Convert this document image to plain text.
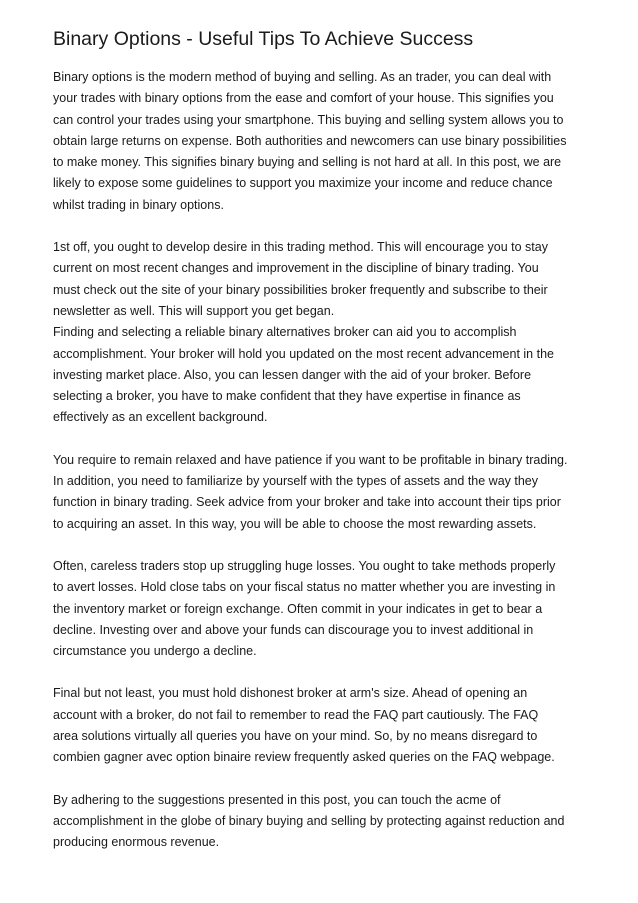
Binary Options - Useful Tips To Achieve Success

Binary options is the modern method of buying and selling. As an trader, you can deal with
your trades with binary options from the ease and comfort of your house. This signifies you
can control your trades using your smartphone. This buying and selling system allows you to
obtain large returns on expense. Both authorities and newcomers can use binary possibilities
to make money. This signifies binary buying and selling is not hard at all. In this post, we are
likely to expose some guidelines to support you maximize your income and reduce chance
whilst trading in binary options.

1st off, you ought to develop desire in this trading method. This will encourage you to stay
current on most recent changes and improvement in the discipline of binary trading. You
must check out the site of your binary possibilities broker frequently and subscribe to their
newsletter as well. This will support you get began.

Finding and selecting a reliable binary alternatives broker can aid you to accomplish
accomplishment. Your broker will hold you updated on the most recent advancement in the
investing market place. Also, you can lessen danger with the aid of your broker. Before
selecting a broker, you have to make confident that they have expertise in finance as
effectively as an excellent background.

You require to remain relaxed and have patience if you want to be profitable in binary trading.
In addition, you need to familiarize by yourself with the types of assets and the way they
function in binary trading. Seek advice from your broker and take into account their tips prior
to acquiring an asset. In this way, you will be able to choose the most rewarding assets.

Often, careless traders stop up struggling huge losses. You ought to take methods properly
to avert losses. Hold close tabs on your fiscal status no matter whether you are investing in
the inventory market or foreign exchange. Often commit in your indicates in get to bear a
decline. Investing over and above your funds can discourage you to invest additional in
circumstance you undergo a decline.

Final but not least, you must hold dishonest broker at arm's size. Ahead of opening an
account with a broker, do not fail to remember to read the FAQ part cautiously. The FAQ
area solutions virtually all queries you have on your mind. So, by no means disregard to
combien gagner avec option binaire review frequently asked queries on the FAQ webpage.

By adhering to the suggestions presented in this post, you can touch the acme of
accomplishment in the globe of binary buying and selling by protecting against reduction and
producing enormous revenue.
